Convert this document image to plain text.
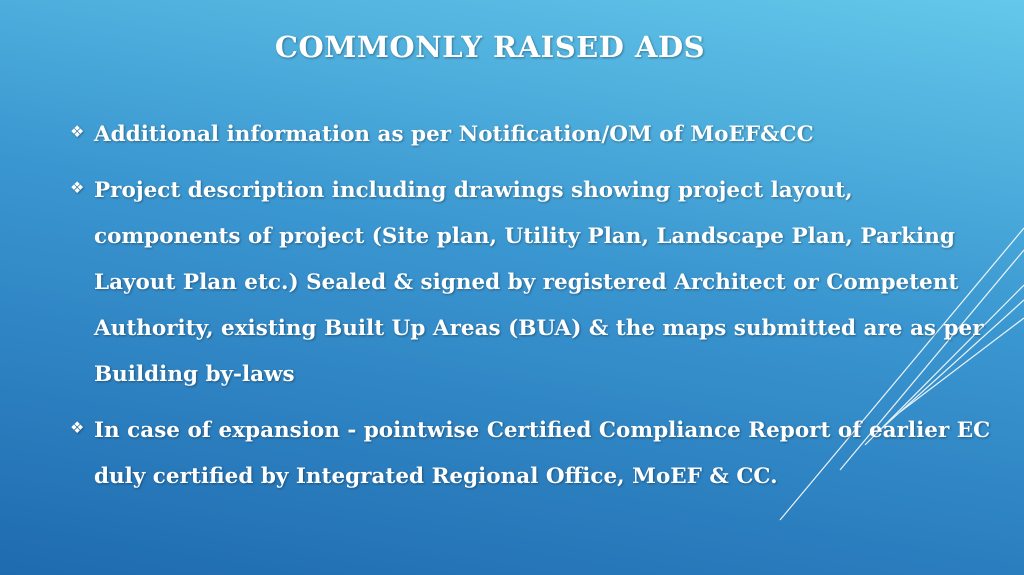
COMMONLY RAISED ADS
❖ Additional information as per Notification/OM of MoEF&CC
❖ Project description including drawings showing project layout, components of project (Site plan, Utility Plan, Landscape Plan, Parking Layout Plan etc.) Sealed & signed by registered Architect or Competent Authority, existing Built Up Areas (BUA) & the maps submitted are as per Building by-laws
❖ In case of expansion - pointwise Certified Compliance Report of earlier EC duly certified by Integrated Regional Office, MoEF & CC.
